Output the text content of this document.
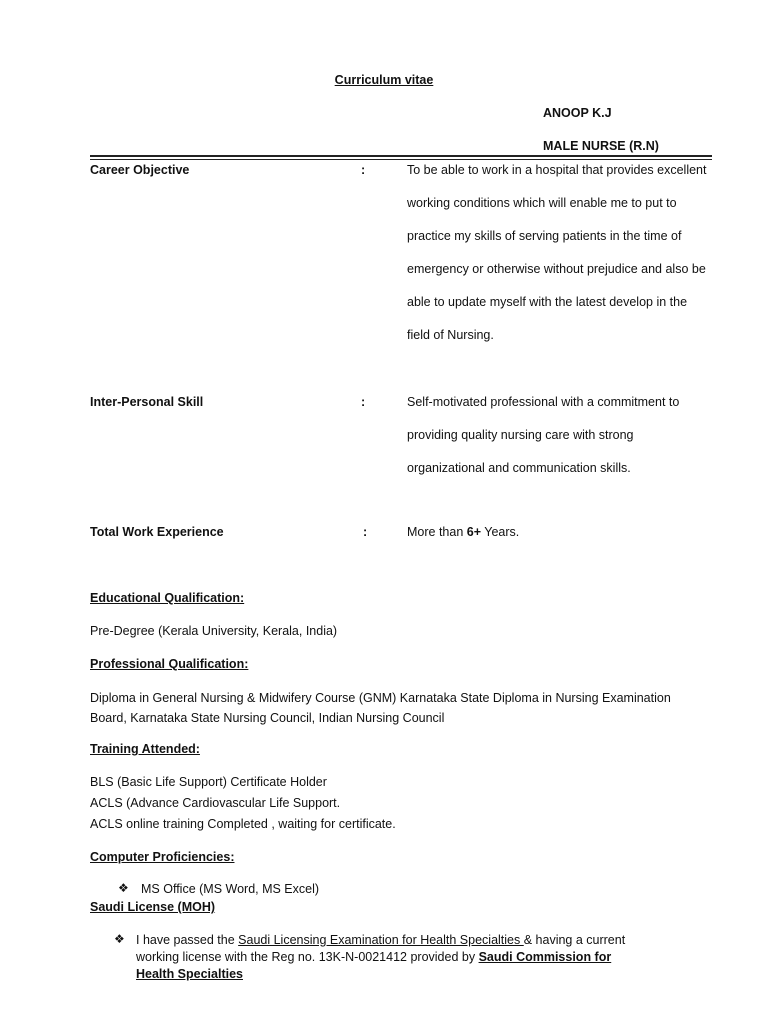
Curriculum vitae
ANOOP K.J
MALE NURSE (R.N)
Career Objective	:	To be able to work in a hospital that provides excellent working conditions which will enable me to put to practice my skills of serving patients in the time of emergency or otherwise without prejudice and also be able to update myself with the latest develop in the field of Nursing.
Inter-Personal Skill	:	Self-motivated professional with a commitment to providing quality nursing care with strong organizational and communication skills.
Total Work Experience	:	More than 6+ Years.
Educational Qualification:
Pre-Degree (Kerala University, Kerala, India)
Professional Qualification:
Diploma in General Nursing & Midwifery Course (GNM) Karnataka State Diploma in Nursing Examination Board, Karnataka State Nursing Council, Indian Nursing Council
Training Attended:
BLS (Basic Life Support) Certificate Holder
ACLS (Advance Cardiovascular Life Support.
ACLS online training Completed , waiting for certificate.
Computer Proficiencies:
❖ MS Office (MS Word, MS Excel)
Saudi License (MOH)
❖ I have passed the Saudi Licensing Examination for Health Specialties & having a current working license with the Reg no. 13K-N-0021412 provided by Saudi Commission for Health Specialties
